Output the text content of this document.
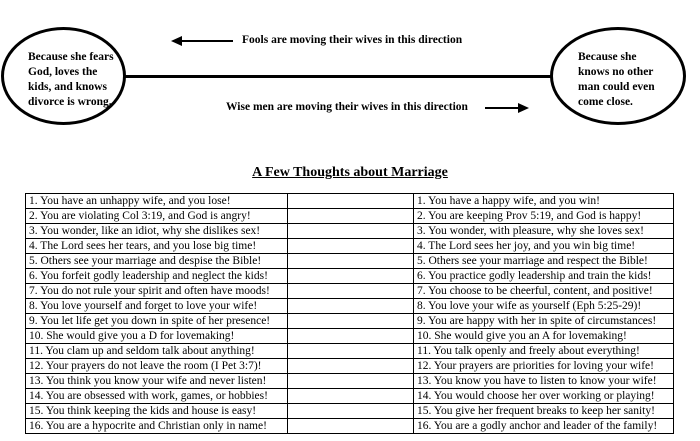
Because she fears
God, loves the
kids, and knows
divorce is wrong.
Because she
knows no other
man could even
come close.
Fools are moving their wives in this direction
Wise men are moving their wives in this direction
A Few Thoughts about Marriage
1. You have an unhappy wife, and you lose!		1. You have a happy wife, and you win!
2. You are violating Col 3:19, and God is angry!		2. You are keeping Prov 5:19, and God is happy!
3. You wonder, like an idiot, why she dislikes sex!		3. You wonder, with pleasure, why she loves sex!
4. The Lord sees her tears, and you lose big time!		4. The Lord sees her joy, and you win big time!
5. Others see your marriage and despise the Bible!		5. Others see your marriage and respect the Bible!
6. You forfeit godly leadership and neglect the kids!		6. You practice godly leadership and train the kids!
7. You do not rule your spirit and often have moods!		7. You choose to be cheerful, content, and positive!
8. You love yourself and forget to love your wife!		8. You love your wife as yourself (Eph 5:25-29)!
9. You let life get you down in spite of her presence!		9. You are happy with her in spite of circumstances!
10. She would give you a D for lovemaking!		10. She would give you an A for lovemaking!
11. You clam up and seldom talk about anything!		11. You talk openly and freely about everything!
12. Your prayers do not leave the room (I Pet 3:7)!		12. Your prayers are priorities for loving your wife!
13. You think you know your wife and never listen!		13. You know you have to listen to know your wife!
14. You are obsessed with work, games, or hobbies!		14. You would choose her over working or playing!
15. You think keeping the kids and house is easy!		15. You give her frequent breaks to keep her sanity!
16. You are a hypocrite and Christian only in name!		16. You are a godly anchor and leader of the family!
